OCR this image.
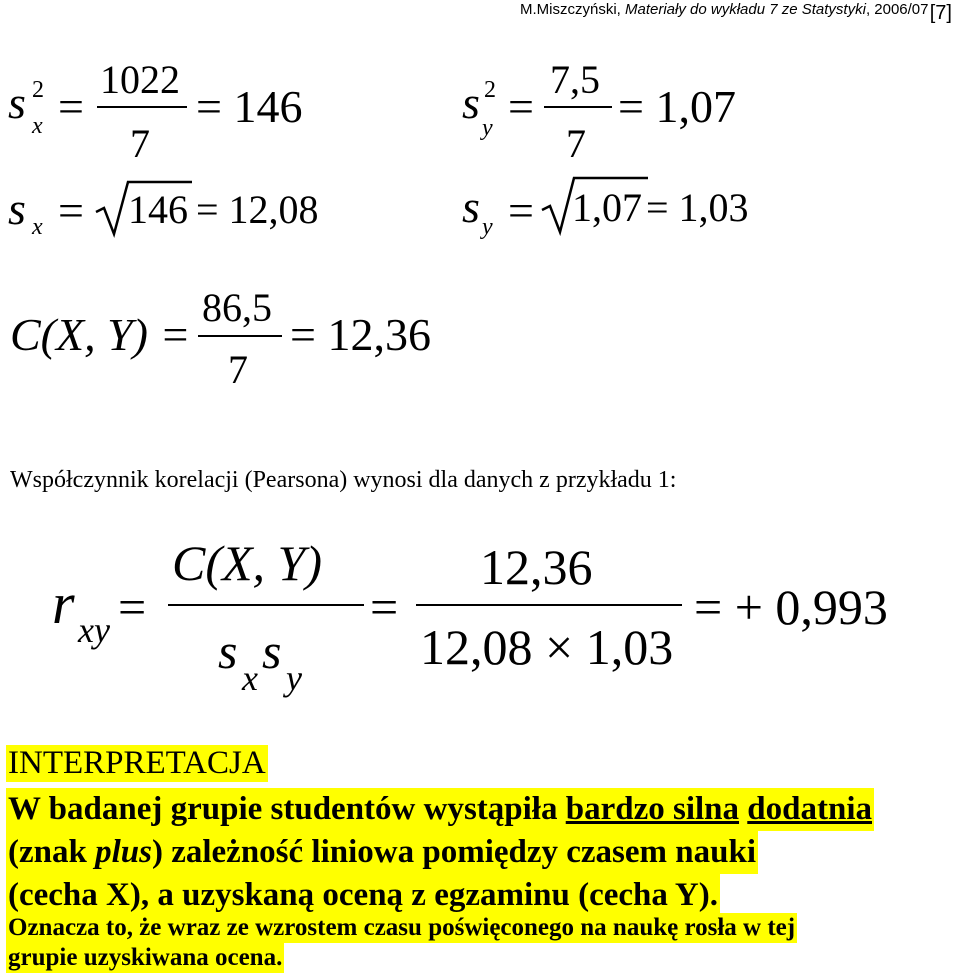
M.Miszczyński, Materiały do wykładu 7 ze Statystyki, 2006/07 [7]
s 2
x =
1022
7
= 146
s x = 146 = 12,08
s 2
y =
7,5
7
= 1,07
s y = 1,07 = 1,03
C(X, Y) =
86,5
7
= 12,36
Współczynnik korelacji (Pearsona) wynosi dla danych z przykładu 1:
r xy =
C(X, Y)
s x s y
=
12,36
12,08 × 1,03
= + 0,993
INTERPRETACJA
W badanej grupie studentów wystąpiła bardzo silna dodatnia
(znak plus) zależność liniowa pomiędzy czasem nauki
(cecha X), a uzyskaną oceną z egzaminu (cecha Y).
Oznacza to, że wraz ze wzrostem czasu poświęconego na naukę rosła w tej
grupie uzyskiwana ocena.
